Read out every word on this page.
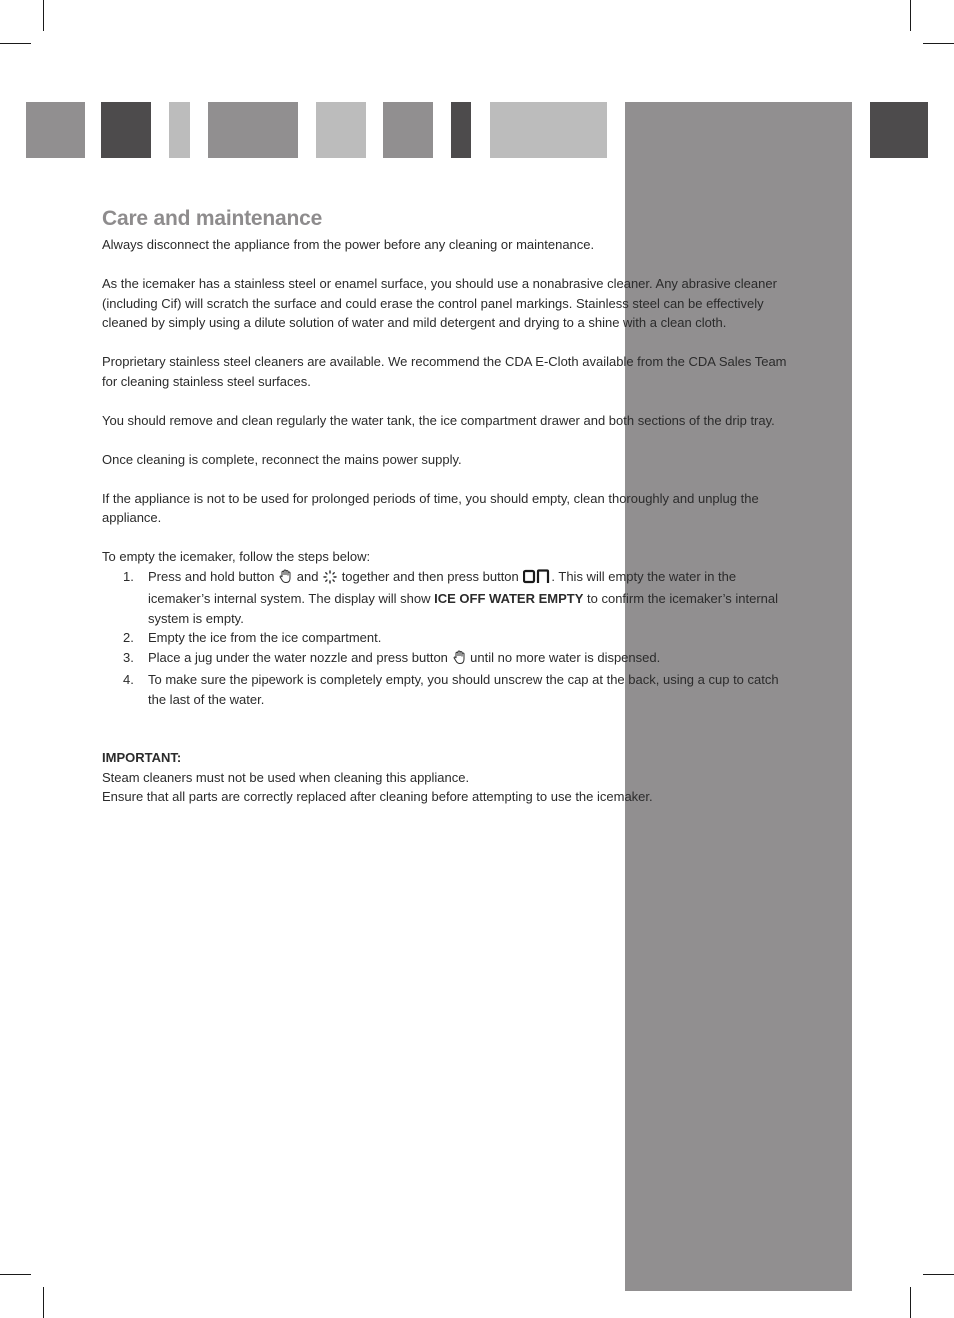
Care and maintenance

Always disconnect the appliance from the power before any cleaning or maintenance.

As the icemaker has a stainless steel or enamel surface, you should use a nonabrasive cleaner. Any abrasive cleaner (including Cif) will scratch the surface and could erase the control panel markings. Stainless steel can be effectively cleaned by simply using a dilute solution of water and mild detergent and drying to a shine with a clean cloth.

Proprietary stainless steel cleaners are available. We recommend the CDA E-Cloth available from the CDA Sales Team for cleaning stainless steel surfaces.

You should remove and clean regularly the water tank, the ice compartment drawer and both sections of the drip tray.

Once cleaning is complete, reconnect the mains power supply.

If the appliance is not to be used for prolonged periods of time, you should empty, clean thoroughly and unplug the appliance.

To empty the icemaker, follow the steps below:

1. Press and hold button and together and then press button	. This will empty the water in the icemaker’s internal system. The display will show ICE OFF WATER EMPTY to confirm the icemaker’s internal system is empty.
2. Empty the ice from the ice compartment.
3. Place a jug under the water nozzle and press button until no more water is dispensed.
4. To make sure the pipework is completely empty, you should unscrew the cap at the back, using a cup to catch the last of the water.

IMPORTANT:

Steam cleaners must not be used when cleaning this appliance.

Ensure that all parts are correctly replaced after cleaning before attempting to use the icemaker.
